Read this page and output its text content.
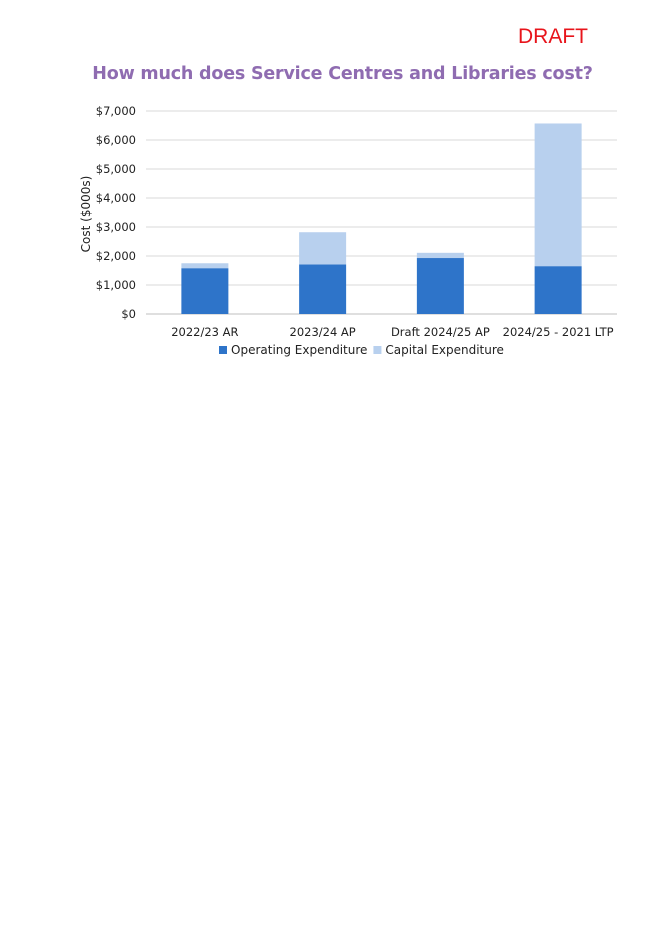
DRAFT
How much does Service Centres and Libraries cost?
$0
$1,000
$2,000
$3,000
$4,000
$5,000
$6,000
$7,000
2022/23 AR	2023/24 AP	Draft 2024/25 AP 2024/25 - 2021 LTP
Cost ($000s)
Operating Expenditure Capital Expenditure
